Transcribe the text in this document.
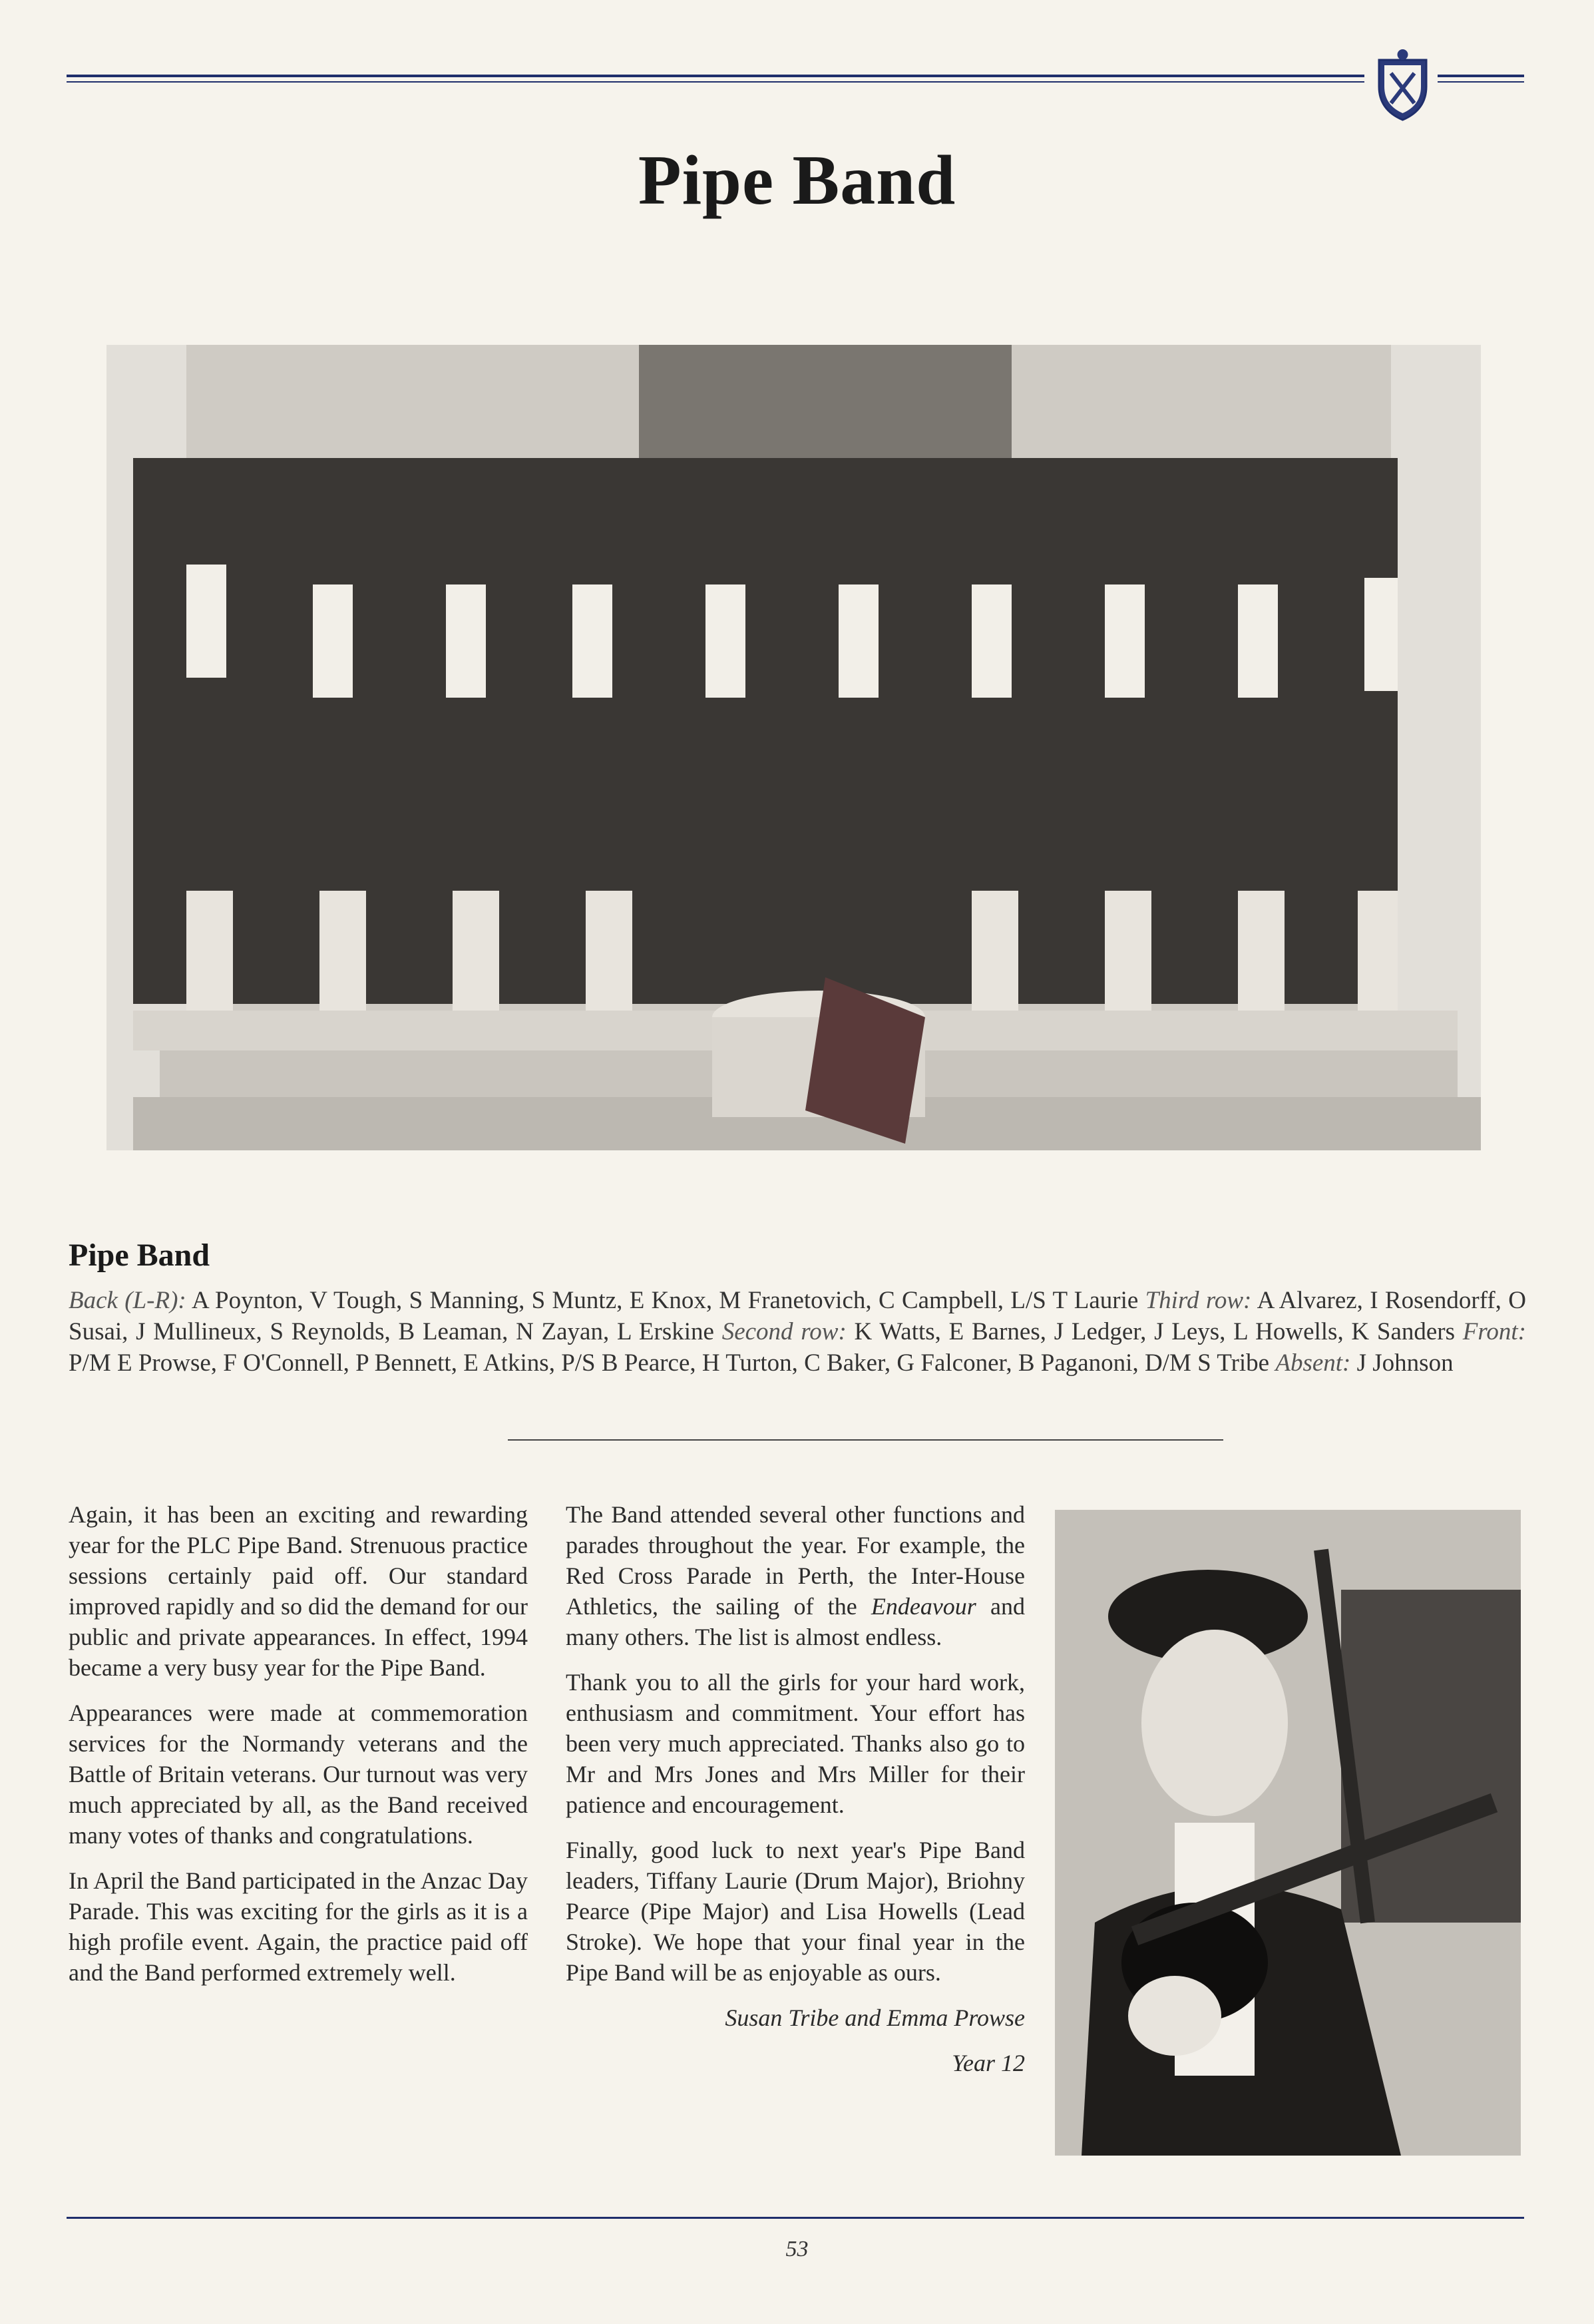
Pipe Band
Pipe Band
Back (L-R): A Poynton, V Tough, S Manning, S Muntz, E Knox, M Franetovich, C Campbell, L/S T Laurie Third row: A Alvarez, I Rosendorff, O Susai, J Mullineux, S Reynolds, B Leaman, N Zayan, L Erskine Second row: K Watts, E Barnes, J Ledger, J Leys, L Howells, K Sanders Front: P/M E Prowse, F O'Connell, P Bennett, E Atkins, P/S B Pearce, H Turton, C Baker, G Falconer, B Paganoni, D/M S Tribe Absent: J Johnson

Again, it has been an exciting and rewarding year for the PLC Pipe Band. Strenuous practice sessions certainly paid off. Our standard improved rapidly and so did the demand for our public and private appearances. In effect, 1994 became a very busy year for the Pipe Band.

Appearances were made at commemoration services for the Normandy veterans and the Battle of Britain veterans. Our turnout was very much appreciated by all, as the Band received many votes of thanks and congratulations.

In April the Band participated in the Anzac Day Parade. This was exciting for the girls as it is a high profile event. Again, the practice paid off and the Band performed extremely well.

The Band attended several other functions and parades throughout the year. For example, the Red Cross Parade in Perth, the Inter-House Athletics, the sailing of the Endeavour and many others. The list is almost endless.

Thank you to all the girls for your hard work, enthusiasm and commitment. Your effort has been very much appreciated. Thanks also go to Mr and Mrs Jones and Mrs Miller for their patience and encouragement.

Finally, good luck to next year's Pipe Band leaders, Tiffany Laurie (Drum Major), Briohny Pearce (Pipe Major) and Lisa Howells (Lead Stroke). We hope that your final year in the Pipe Band will be as enjoyable as ours.

Susan Tribe and Emma Prowse

Year 12

53
